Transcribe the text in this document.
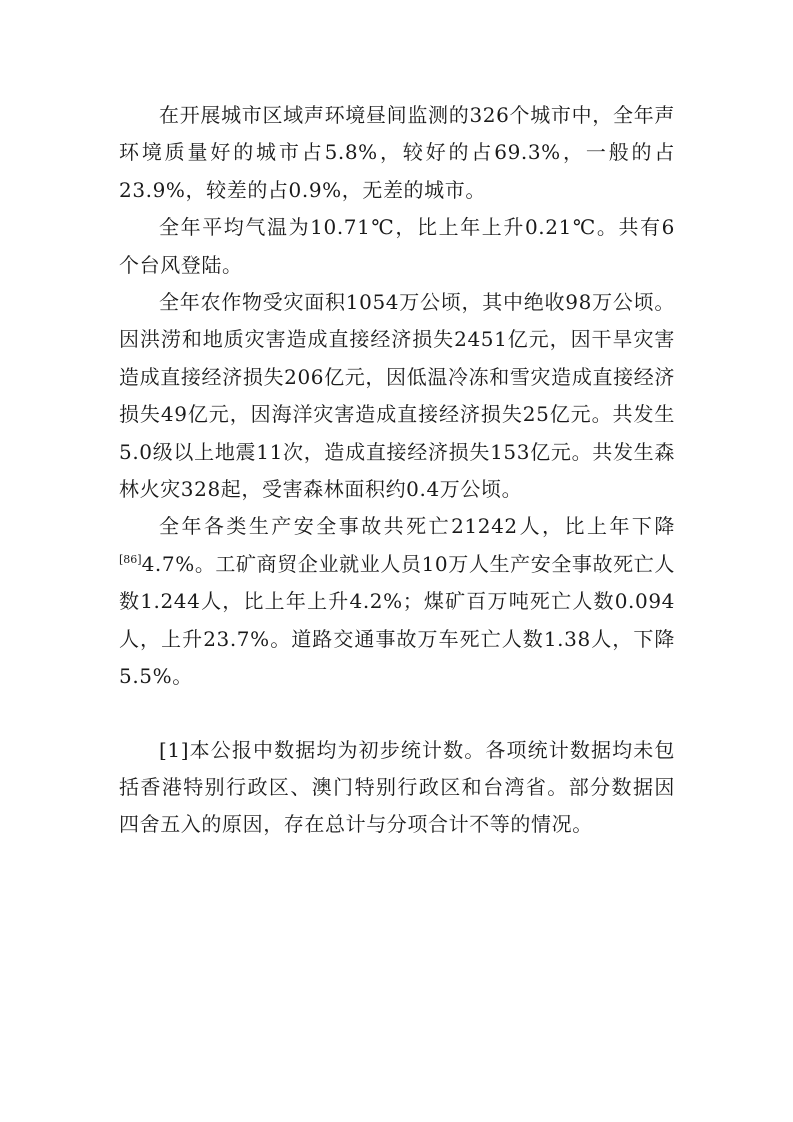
在开展城市区域声环境昼间监测的326个城市中，全年声环境质量好的城市占5.8%，较好的占69.3%，一般的占23.9%，较差的占0.9%，无差的城市。

全年平均气温为10.71℃，比上年上升0.21℃。共有6个台风登陆。

全年农作物受灾面积1054万公顷，其中绝收98万公顷。因洪涝和地质灾害造成直接经济损失2451亿元，因干旱灾害造成直接经济损失206亿元，因低温冷冻和雪灾造成直接经济损失49亿元，因海洋灾害造成直接经济损失25亿元。共发生5.0级以上地震11次，造成直接经济损失153亿元。共发生森林火灾328起，受害森林面积约0.4万公顷。

全年各类生产安全事故共死亡21242人，比上年下降[86]4.7%。工矿商贸企业就业人员10万人生产安全事故死亡人数1.244人，比上年上升4.2%；煤矿百万吨死亡人数0.094人，上升23.7%。道路交通事故万车死亡人数1.38人，下降5.5%。

[1]本公报中数据均为初步统计数。各项统计数据均未包括香港特别行政区、澳门特别行政区和台湾省。部分数据因四舍五入的原因，存在总计与分项合计不等的情况。
